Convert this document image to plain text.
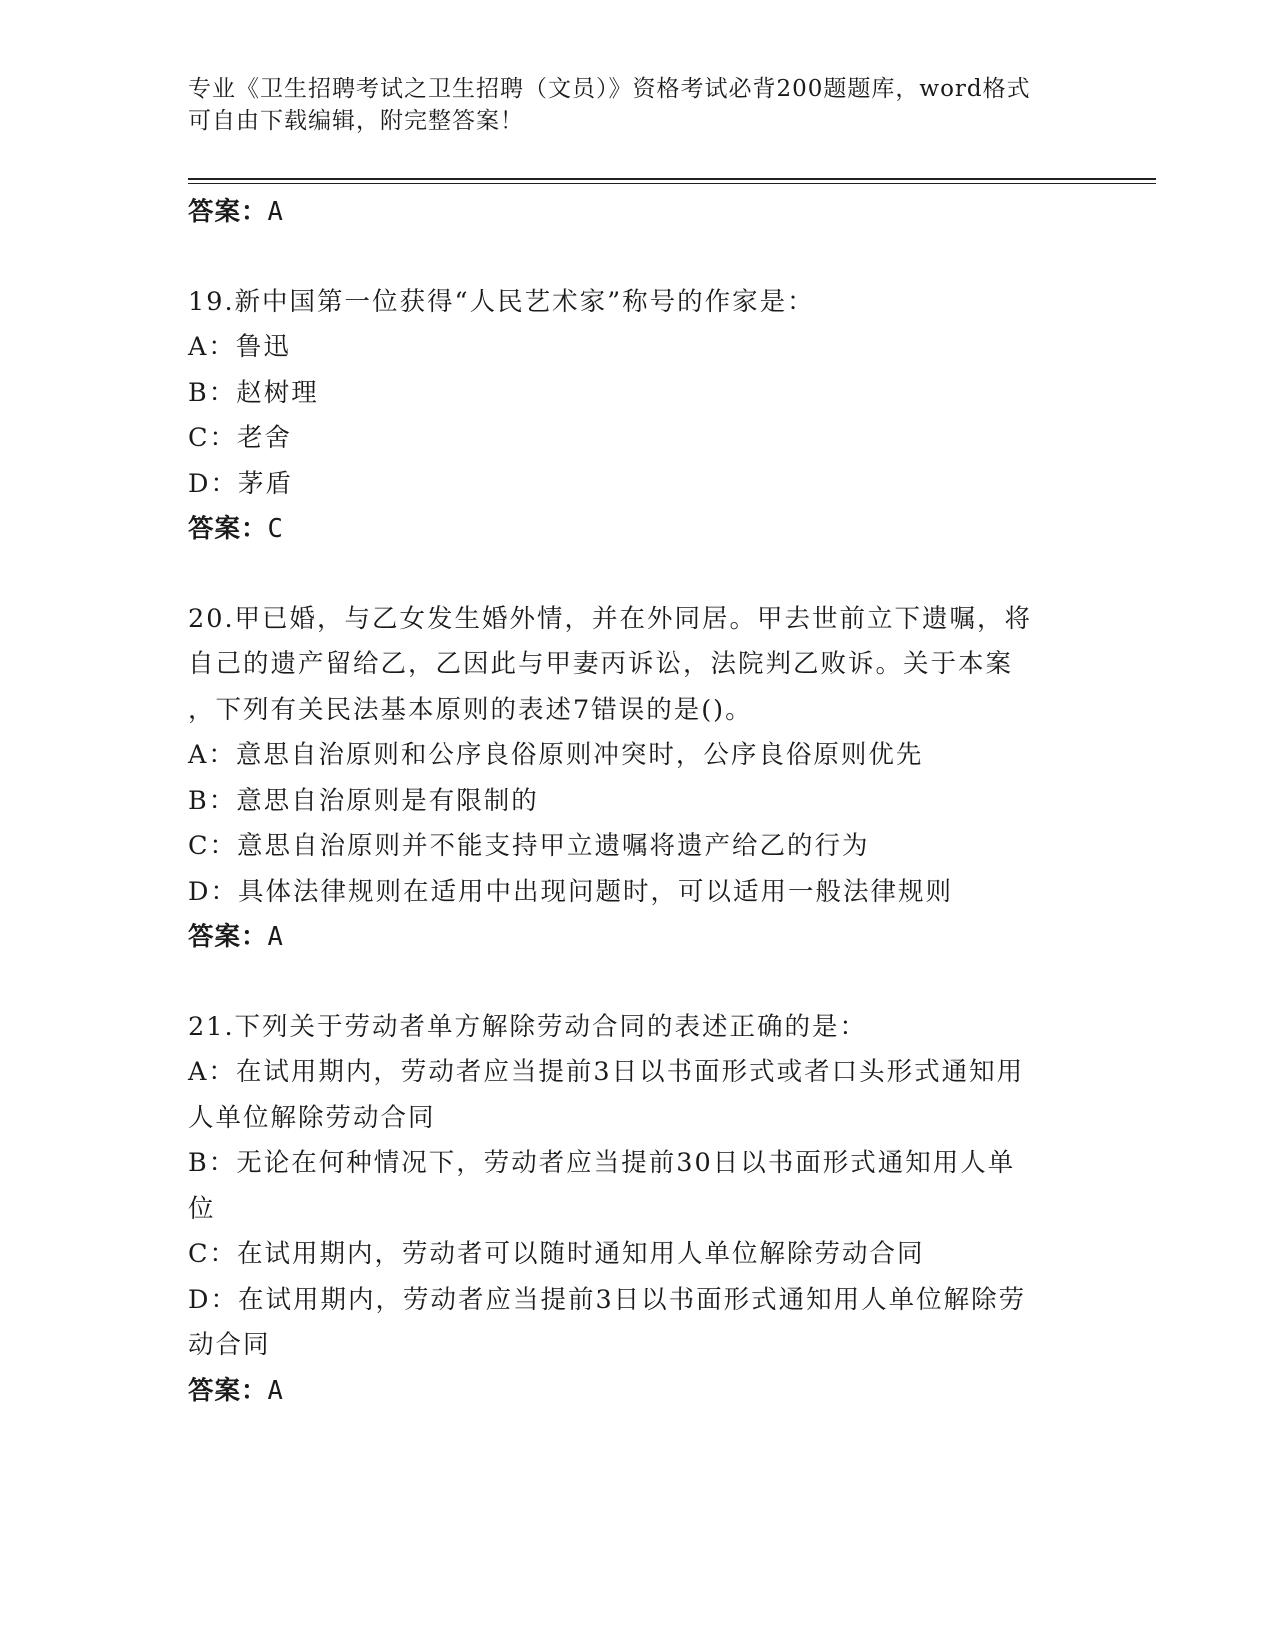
专业《卫生招聘考试之卫生招聘（文员）》资格考试必背200题题库，word格式
可自由下载编辑，附完整答案！
答案：A
19.新中国第一位获得“人民艺术家”称号的作家是：
A：鲁迅
B：赵树理
C：老舍
D：茅盾
答案：C
20.甲已婚，与乙女发生婚外情，并在外同居。甲去世前立下遗嘱，将
自己的遗产留给乙，乙因此与甲妻丙诉讼，法院判乙败诉。关于本案
，下列有关民法基本原则的表述7错误的是()。
A：意思自治原则和公序良俗原则冲突时，公序良俗原则优先
B：意思自治原则是有限制的
C：意思自治原则并不能支持甲立遗嘱将遗产给乙的行为
D：具体法律规则在适用中出现问题时，可以适用一般法律规则
答案：A
21.下列关于劳动者单方解除劳动合同的表述正确的是：
A：在试用期内，劳动者应当提前3日以书面形式或者口头形式通知用
人单位解除劳动合同
B：无论在何种情况下，劳动者应当提前30日以书面形式通知用人单
位
C：在试用期内，劳动者可以随时通知用人单位解除劳动合同
D：在试用期内，劳动者应当提前3日以书面形式通知用人单位解除劳
动合同
答案：A
